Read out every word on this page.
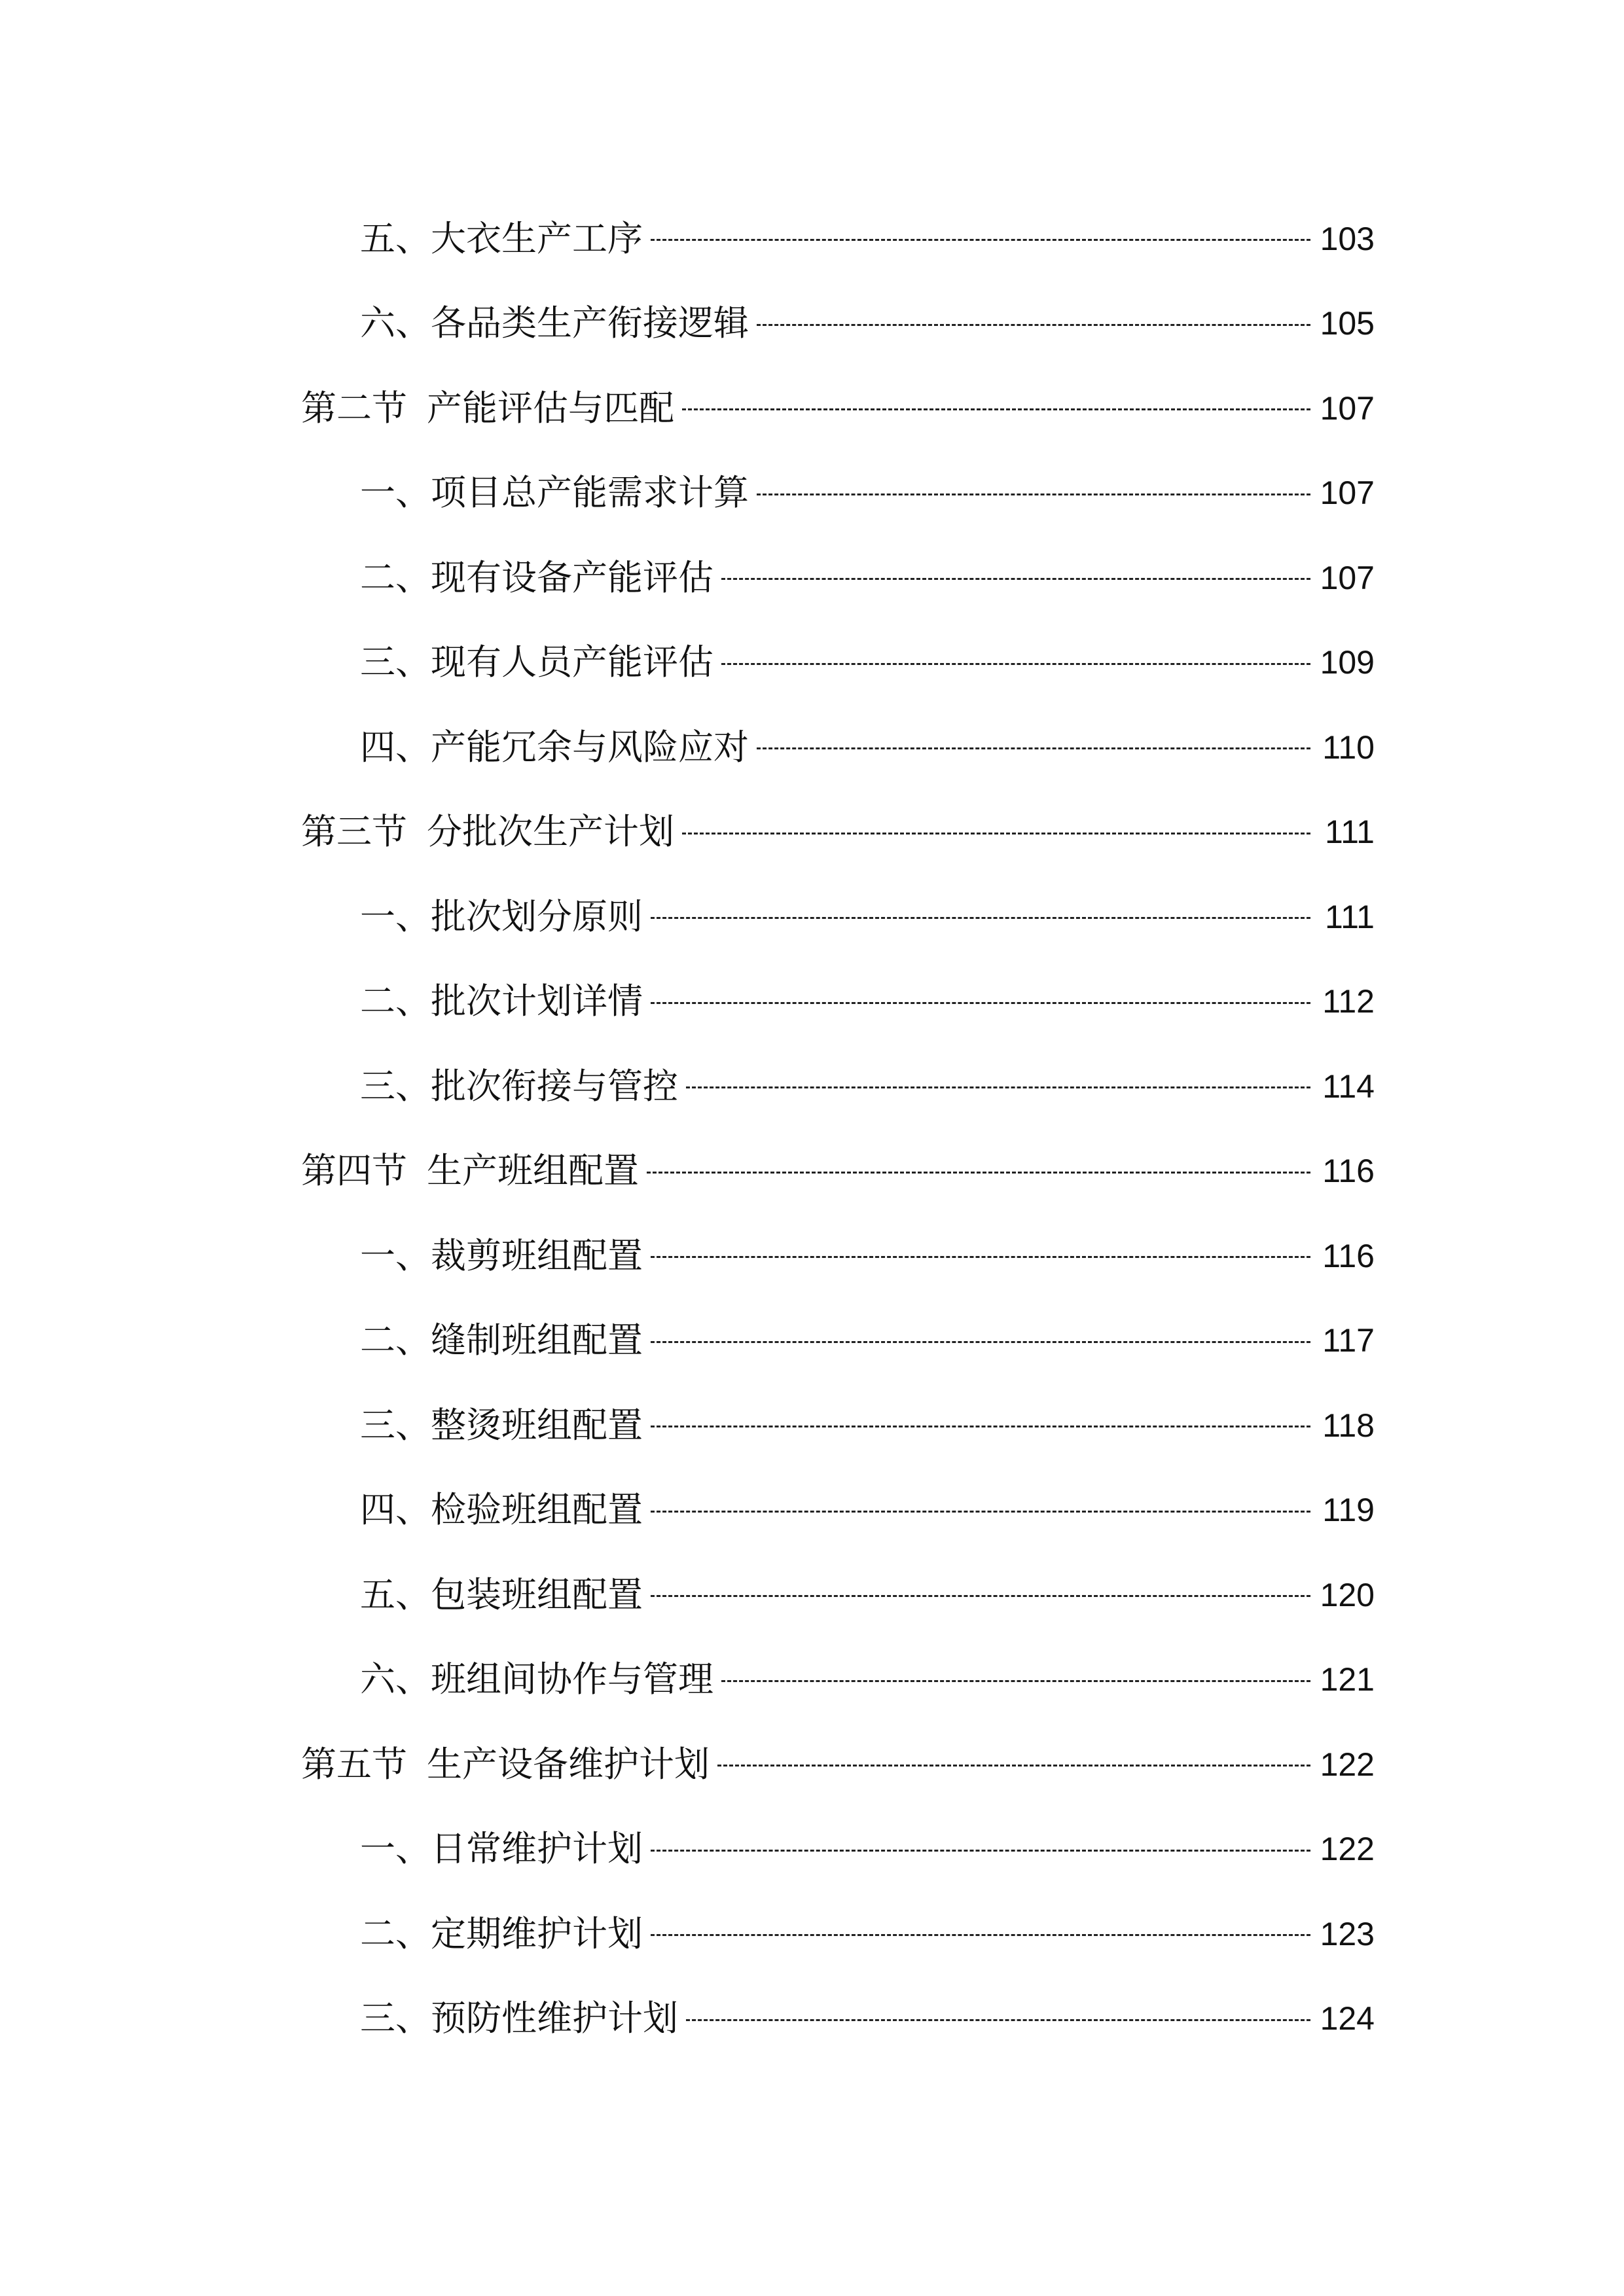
五、 大衣生产工序	103
六、 各品类生产衔接逻辑	105
第二节 产能评估与匹配	107
一、 项目总产能需求计算	107
二、 现有设备产能评估	107
三、 现有人员产能评估	109
四、 产能冗余与风险应对	110
第三节 分批次生产计划	111
一、 批次划分原则	111
二、 批次计划详情	112
三、 批次衔接与管控	114
第四节 生产班组配置	116
一、 裁剪班组配置	116
二、 缝制班组配置	117
三、 整烫班组配置	118
四、 检验班组配置	119
五、 包装班组配置	120
六、 班组间协作与管理	121
第五节 生产设备维护计划	122
一、 日常维护计划	122
二、 定期维护计划	123
三、 预防性维护计划	124
